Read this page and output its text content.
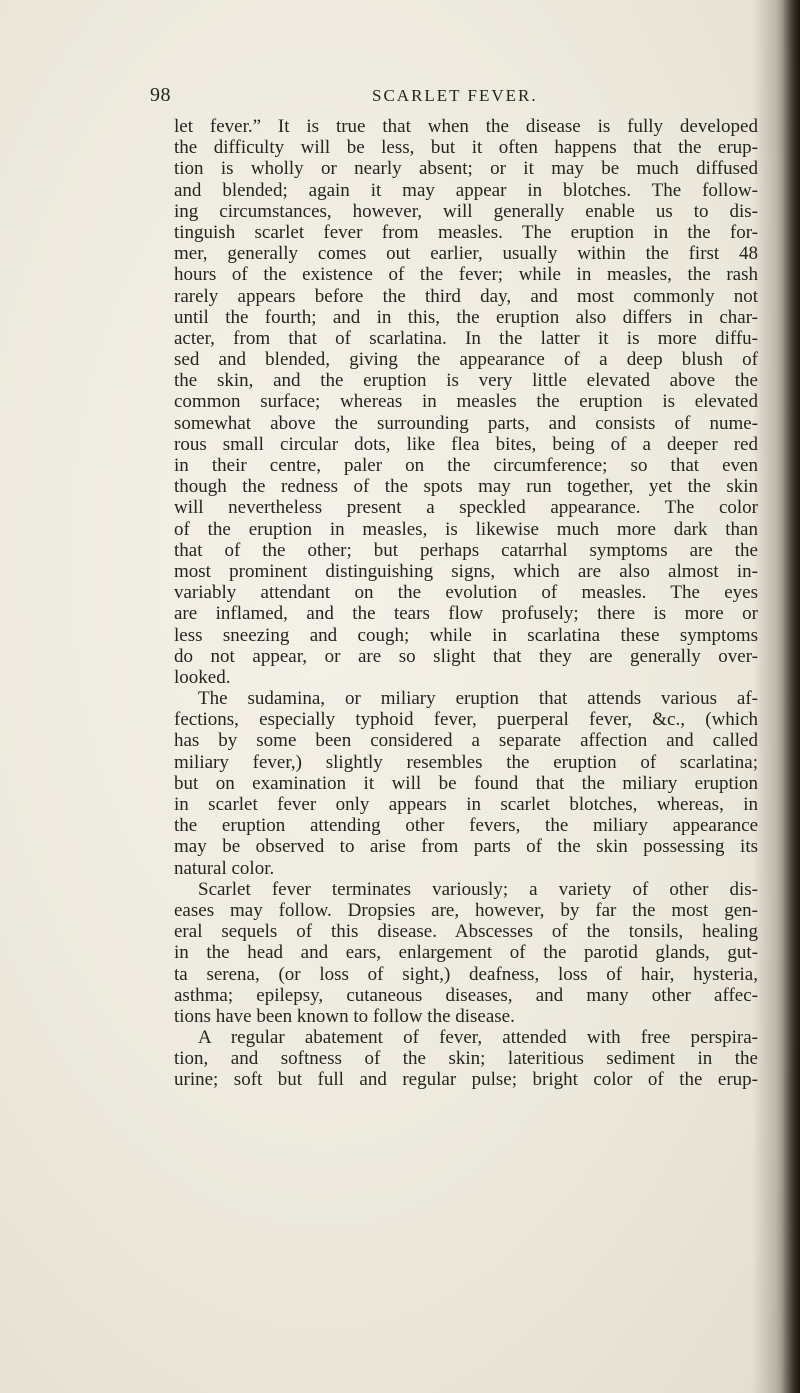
98	SCARLET FEVER.
let fever.” It is true that when the disease is fully developed
the difficulty will be less, but it often happens that the erup-
tion is wholly or nearly absent; or it may be much diffused
and blended; again it may appear in blotches. The follow-
ing circumstances, however, will generally enable us to dis-
tinguish scarlet fever from measles. The eruption in the for-
mer, generally comes out earlier, usually within the first 48
hours of the existence of the fever; while in measles, the rash
rarely appears before the third day, and most commonly not
until the fourth; and in this, the eruption also differs in char-
acter, from that of scarlatina. In the latter it is more diffu-
sed and blended, giving the appearance of a deep blush of
the skin, and the eruption is very little elevated above the
common surface; whereas in measles the eruption is elevated
somewhat above the surrounding parts, and consists of nume-
rous small circular dots, like flea bites, being of a deeper red
in their centre, paler on the circumference; so that even
though the redness of the spots may run together, yet the skin
will nevertheless present a speckled appearance. The color
of the eruption in measles, is likewise much more dark than
that of the other; but perhaps catarrhal symptoms are the
most prominent distinguishing signs, which are also almost in-
variably attendant on the evolution of measles. The eyes
are inflamed, and the tears flow profusely; there is more or
less sneezing and cough; while in scarlatina these symptoms
do not appear, or are so slight that they are generally over-
looked.
The sudamina, or miliary eruption that attends various af-
fections, especially typhoid fever, puerperal fever, &c., (which
has by some been considered a separate affection and called
miliary fever,) slightly resembles the eruption of scarlatina;
but on examination it will be found that the miliary eruption
in scarlet fever only appears in scarlet blotches, whereas, in
the eruption attending other fevers, the miliary appearance
may be observed to arise from parts of the skin possessing its
natural color.
Scarlet fever terminates variously; a variety of other dis-
eases may follow. Dropsies are, however, by far the most gen-
eral sequels of this disease. Abscesses of the tonsils, healing
in the head and ears, enlargement of the parotid glands, gut-
ta serena, (or loss of sight,) deafness, loss of hair, hysteria,
asthma; epilepsy, cutaneous diseases, and many other affec-
tions have been known to follow the disease.
A regular abatement of fever, attended with free perspira-
tion, and softness of the skin; lateritious sediment in the
urine; soft but full and regular pulse; bright color of the erup-
